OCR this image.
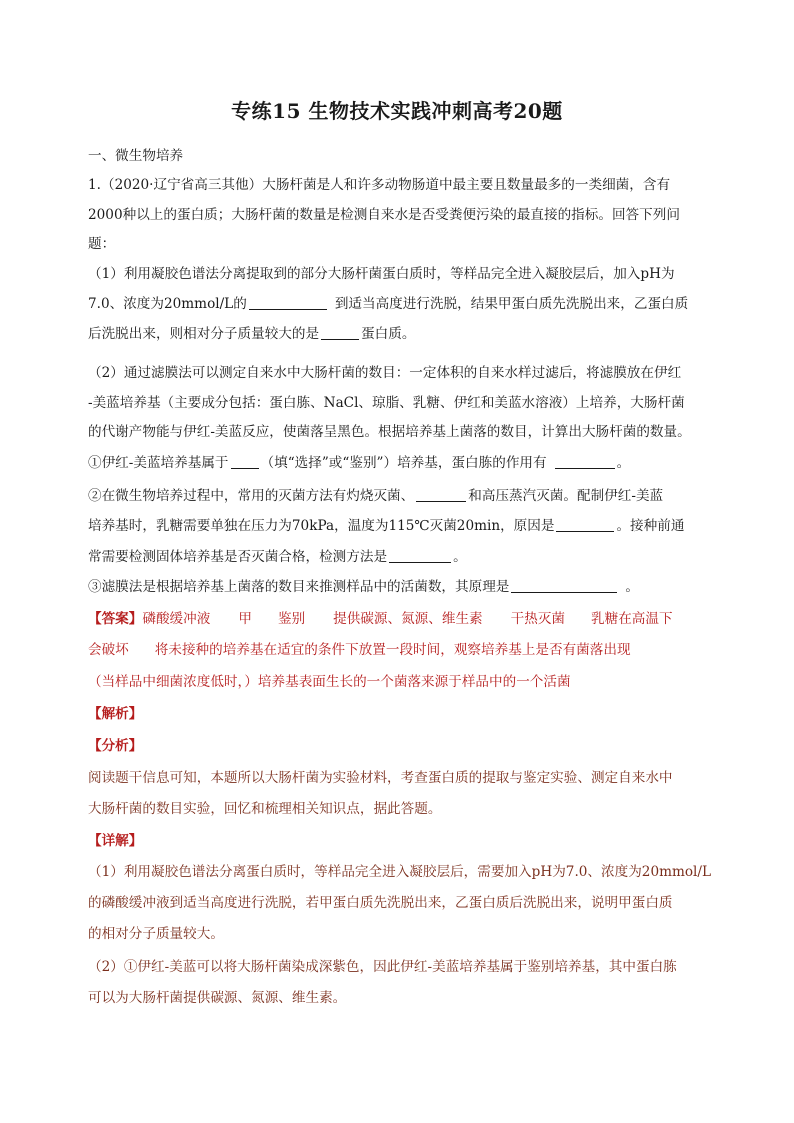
专练15 生物技术实践冲刺高考20题
一、微生物培养
1.（2020·辽宁省高三其他）大肠杆菌是人和许多动物肠道中最主要且数量最多的一类细菌，含有
2000种以上的蛋白质；大肠杆菌的数量是检测自来水是否受粪便污染的最直接的指标。回答下列问
题：
（1）利用凝胶色谱法分离提取到的部分大肠杆菌蛋白质时，等样品完全进入凝胶层后，加入pH为
7.0、浓度为20mmol/L的	到适当高度进行洗脱，结果甲蛋白质先洗脱出来，乙蛋白质
后洗脱出来，则相对分子质量较大的是	蛋白质。
（2）通过滤膜法可以测定自来水中大肠杆菌的数目：一定体积的自来水样过滤后，将滤膜放在伊红
-美蓝培养基（主要成分包括：蛋白胨、NaCl、琼脂、乳糖、伊红和美蓝水溶液）上培养，大肠杆菌
的代谢产物能与伊红-美蓝反应，使菌落呈黑色。根据培养基上菌落的数目，计算出大肠杆菌的数量。
①伊红-美蓝培养基属于 （填“选择”或“鉴别”）培养基，蛋白胨的作用有	。
②在微生物培养过程中，常用的灭菌方法有灼烧灭菌、	和高压蒸汽灭菌。配制伊红-美蓝
培养基时，乳糖需要单独在压力为70kPa，温度为115℃灭菌20min，原因是	。接种前通
常需要检测固体培养基是否灭菌合格，检测方法是	。
③滤膜法是根据培养基上菌落的数目来推测样品中的活菌数，其原理是	。
【答案】磷酸缓冲液 甲 鉴别 提供碳源、氮源、维生素 干热灭菌 乳糖在高温下
会破坏 将未接种的培养基在适宜的条件下放置一段时间，观察培养基上是否有菌落出现
（当样品中细菌浓度低时，）培养基表面生长的一个菌落来源于样品中的一个活菌
【解析】
【分析】
阅读题干信息可知，本题所以大肠杆菌为实验材料，考查蛋白质的提取与鉴定实验、测定自来水中
大肠杆菌的数目实验，回忆和梳理相关知识点，据此答题。
【详解】
（1）利用凝胶色谱法分离蛋白质时，等样品完全进入凝胶层后，需要加入pH为7.0、浓度为20mmol/L
的磷酸缓冲液到适当高度进行洗脱，若甲蛋白质先洗脱出来，乙蛋白质后洗脱出来，说明甲蛋白质
的相对分子质量较大。
（2）①伊红-美蓝可以将大肠杆菌染成深紫色，因此伊红-美蓝培养基属于鉴别培养基，其中蛋白胨
可以为大肠杆菌提供碳源、氮源、维生素。
